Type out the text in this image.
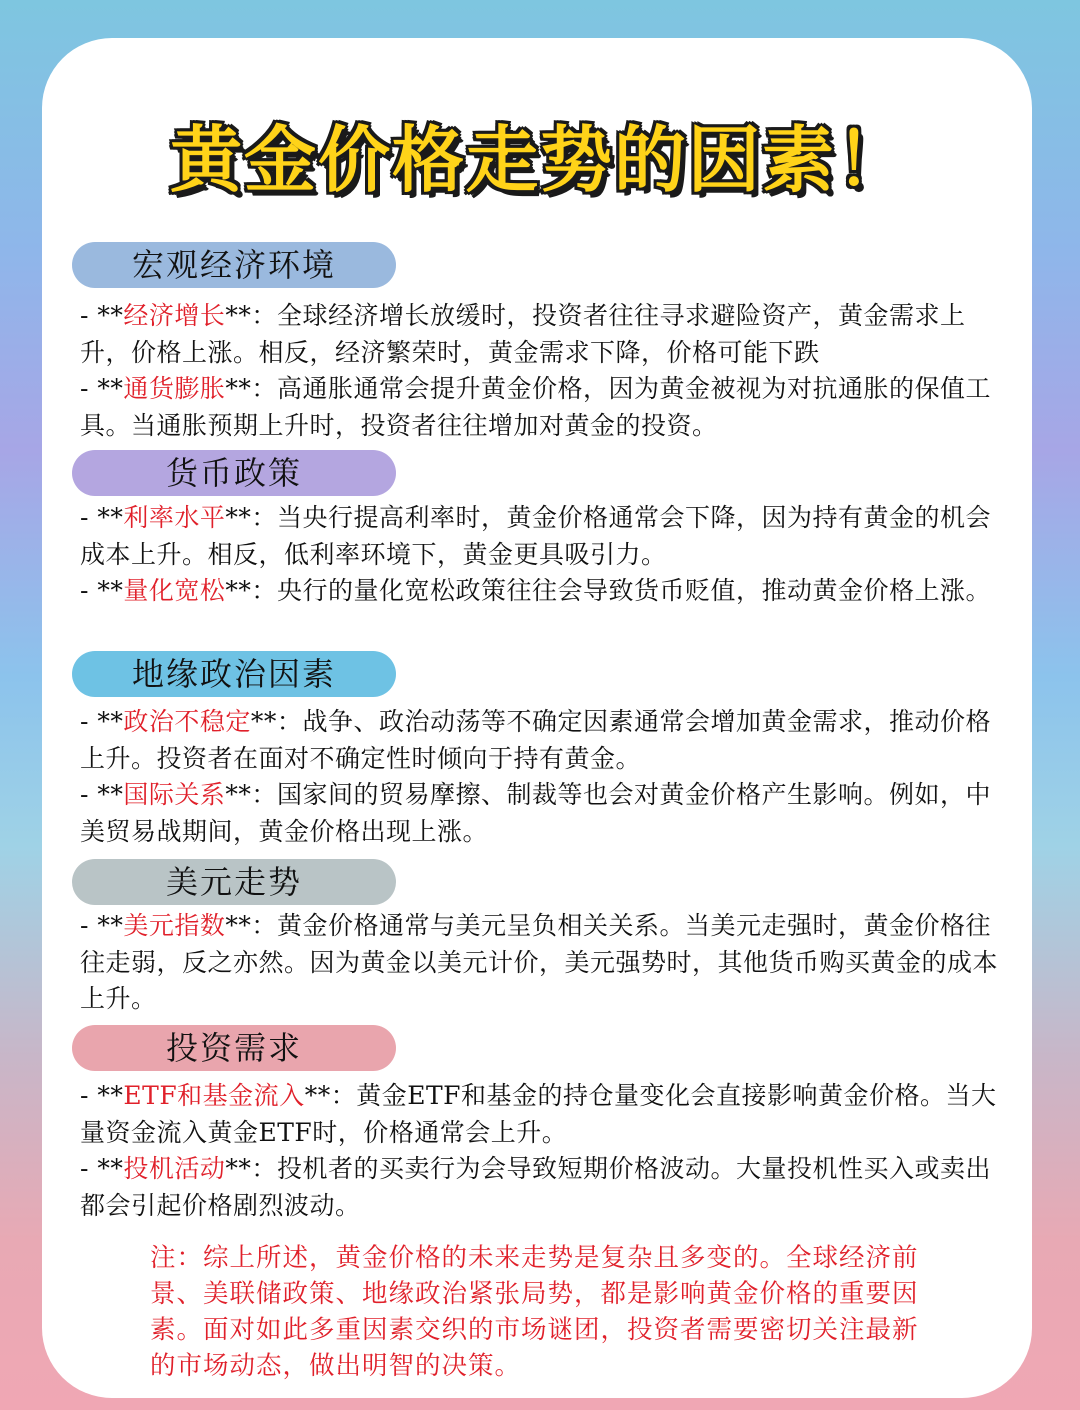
黄金价格走势的因素！
宏观经济环境

- **经济增长**：全球经济增长放缓时，投资者往往寻求避险资产，黄金需求上升，价格上涨。相反，经济繁荣时，黄金需求下降，价格可能下跌

- **通货膨胀**：高通胀通常会提升黄金价格，因为黄金被视为对抗通胀的保值工具。当通胀预期上升时，投资者往往增加对黄金的投资。

货币政策

- **利率水平**：当央行提高利率时，黄金价格通常会下降，因为持有黄金的机会成本上升。相反，低利率环境下，黄金更具吸引力。

- **量化宽松**：央行的量化宽松政策往往会导致货币贬值，推动黄金价格上涨。

地缘政治因素

- **政治不稳定**：战争、政治动荡等不确定因素通常会增加黄金需求，推动价格上升。投资者在面对不确定性时倾向于持有黄金。

- **国际关系**：国家间的贸易摩擦、制裁等也会对黄金价格产生影响。例如，中美贸易战期间，黄金价格出现上涨。

美元走势

- **美元指数**：黄金价格通常与美元呈负相关关系。当美元走强时，黄金价格往往走弱，反之亦然。因为黄金以美元计价，美元强势时，其他货币购买黄金的成本上升。

投资需求

- **ETF和基金流入**：黄金ETF和基金的持仓量变化会直接影响黄金价格。当大量资金流入黄金ETF时，价格通常会上升。

- **投机活动**：投机者的买卖行为会导致短期价格波动。大量投机性买入或卖出都会引起价格剧烈波动。

注：综上所述，黄金价格的未来走势是复杂且多变的。全球经济前景、美联储政策、地缘政治紧张局势，都是影响黄金价格的重要因素。面对如此多重因素交织的市场谜团，投资者需要密切关注最新的市场动态，做出明智的决策。
